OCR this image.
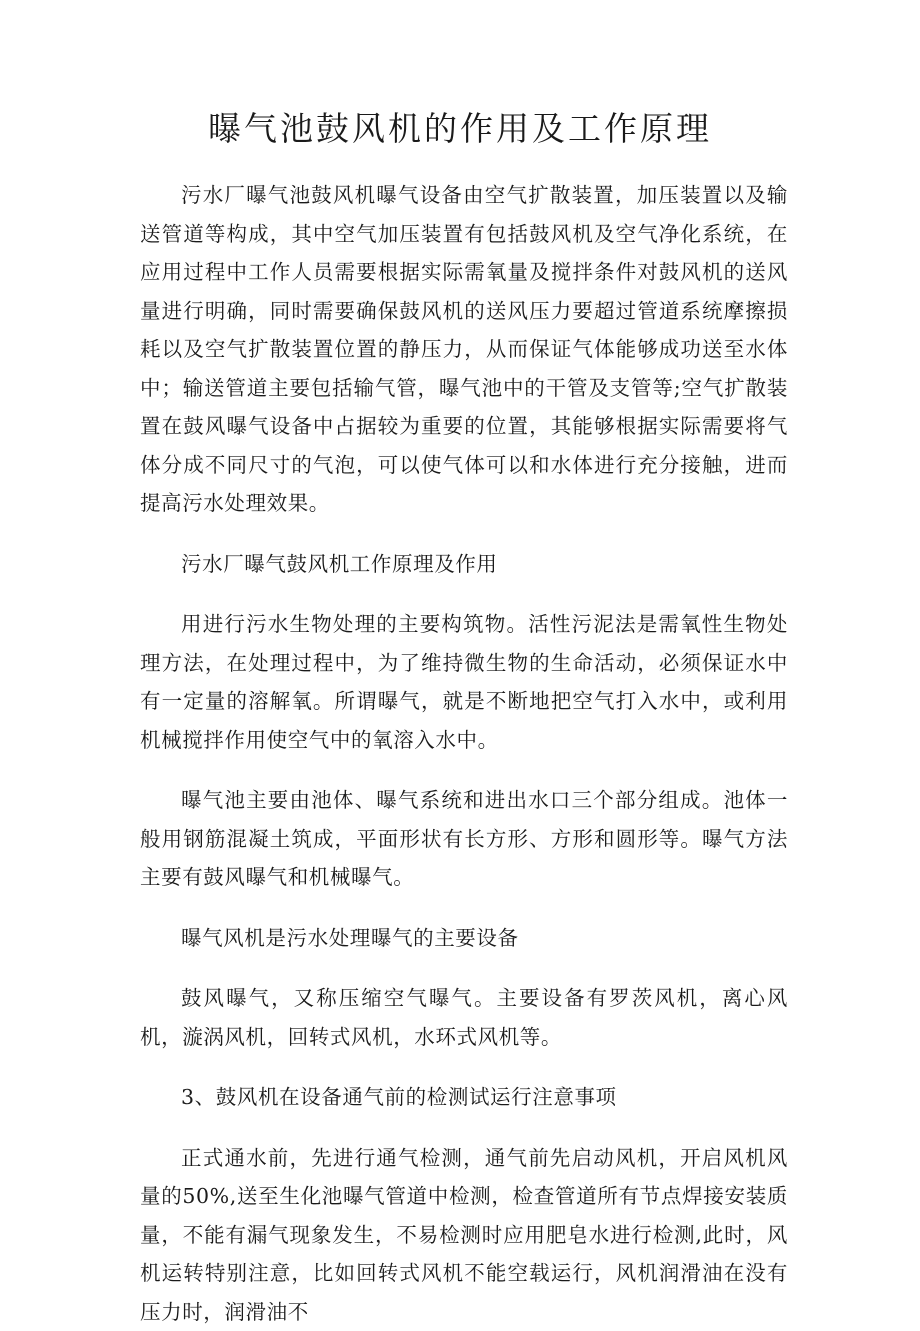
曝气池鼓风机的作用及工作原理

污水厂曝气池鼓风机曝气设备由空气扩散装置，加压装置以及输送管道等构成，其中空气加压装置有包括鼓风机及空气净化系统，在应用过程中工作人员需要根据实际需氧量及搅拌条件对鼓风机的送风量进行明确，同时需要确保鼓风机的送风压力要超过管道系统摩擦损耗以及空气扩散装置位置的静压力，从而保证气体能够成功送至水体中；输送管道主要包括输气管，曝气池中的干管及支管等;空气扩散装置在鼓风曝气设备中占据较为重要的位置，其能够根据实际需要将气体分成不同尺寸的气泡，可以使气体可以和水体进行充分接触，进而提高污水处理效果。

污水厂曝气鼓风机工作原理及作用

用进行污水生物处理的主要构筑物。活性污泥法是需氧性生物处理方法，在处理过程中，为了维持微生物的生命活动，必须保证水中有一定量的溶解氧。所谓曝气，就是不断地把空气打入水中，或利用机械搅拌作用使空气中的氧溶入水中。

曝气池主要由池体、曝气系统和进出水口三个部分组成。池体一般用钢筋混凝土筑成，平面形状有长方形、方形和圆形等。曝气方法主要有鼓风曝气和机械曝气。

曝气风机是污水处理曝气的主要设备

鼓风曝气，又称压缩空气曝气。主要设备有罗茨风机，离心风机，漩涡风机，回转式风机，水环式风机等。

3、鼓风机在设备通气前的检测试运行注意事项

正式通水前，先进行通气检测，通气前先启动风机，开启风机风量的50%,送至生化池曝气管道中检测，检查管道所有节点焊接安装质量，不能有漏气现象发生，不易检测时应用肥皂水进行检测,此时，风机运转特别注意，比如回转式风机不能空载运行，风机润滑油在没有压力时，润滑油不
